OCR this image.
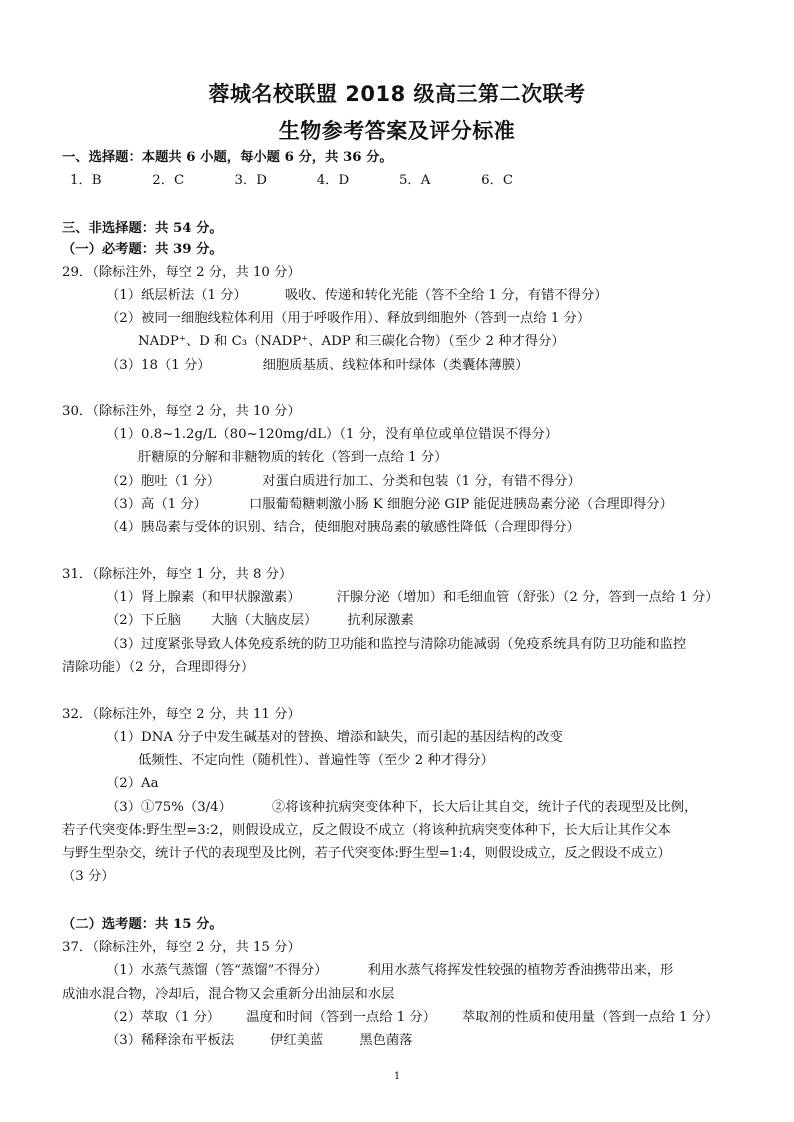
蓉城名校联盟 2018 级高三第二次联考
生物参考答案及评分标准
一、选择题：本题共 6 小题，每小题 6 分，共 36 分。
1．B	2．C	3．D	4．D	5．A	6．C
三、非选择题：共 54 分。
（一）必考题：共 39 分。
29．（除标注外，每空 2 分，共 10 分）
（1）纸层析法（1 分）	吸收、传递和转化光能（答不全给 1 分，有错不得分）
（2）被同一细胞线粒体利用（用于呼吸作用）、释放到细胞外（答到一点给 1 分）
NADP⁺、D 和 C₃（NADP⁺、ADP 和三碳化合物）（至少 2 种才得分）
（3）18（1 分）	细胞质基质、线粒体和叶绿体（类囊体薄膜）
30．（除标注外，每空 2 分，共 10 分）
（1）0.8~1.2g/L（80~120mg/dL）（1 分，没有单位或单位错误不得分）
肝糖原的分解和非糖物质的转化（答到一点给 1 分）
（2）胞吐（1 分）	对蛋白质进行加工、分类和包装（1 分，有错不得分）
（3）高（1 分）	口服葡萄糖刺激小肠 K 细胞分泌 GIP 能促进胰岛素分泌（合理即得分）
（4）胰岛素与受体的识别、结合，使细胞对胰岛素的敏感性降低（合理即得分）
31．（除标注外，每空 1 分，共 8 分）
（1）肾上腺素（和甲状腺激素）	汗腺分泌（增加）和毛细血管（舒张）（2 分，答到一点给 1 分）
（2）下丘脑 大脑（大脑皮层） 抗利尿激素
（3）过度紧张导致人体免疫系统的防卫功能和监控与清除功能减弱（免疫系统具有防卫功能和监控
清除功能）（2 分，合理即得分）
32．（除标注外，每空 2 分，共 11 分）
（1）DNA 分子中发生碱基对的替换、增添和缺失，而引起的基因结构的改变
低频性、不定向性（随机性）、普遍性等（至少 2 种才得分）
（2）Aa
（3）①75%（3/4）	②将该种抗病突变体种下，长大后让其自交，统计子代的表现型及比例，
若子代突变体:野生型=3:2，则假设成立，反之假设不成立（将该种抗病突变体种下，长大后让其作父本
与野生型杂交，统计子代的表现型及比例，若子代突变体:野生型=1:4，则假设成立，反之假设不成立）
（3 分）
（二）选考题：共 15 分。
37．（除标注外，每空 2 分，共 15 分）
（1）水蒸气蒸馏（答“蒸馏”不得分）	利用水蒸气将挥发性较强的植物芳香油携带出来，形
成油水混合物，冷却后，混合物又会重新分出油层和水层
（2）萃取（1 分） 温度和时间（答到一点给 1 分） 萃取剂的性质和使用量（答到一点给 1 分）
（3）稀释涂布平板法	伊红美蓝	黑色菌落
1
